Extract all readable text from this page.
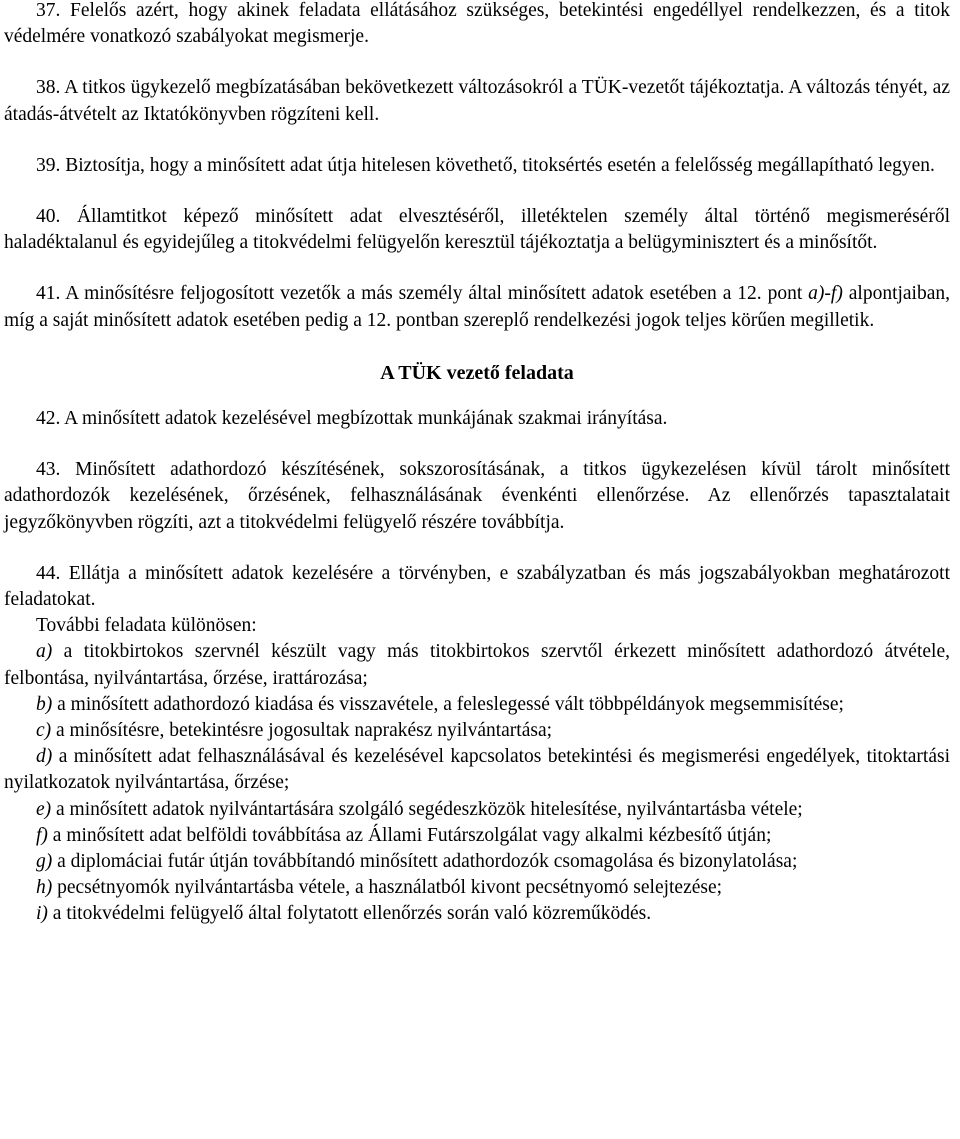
37. Felelős azért, hogy akinek feladata ellátásához szükséges, betekintési engedéllyel rendelkezzen, és a titok védelmére vonatkozó szabályokat megismerje.

38. A titkos ügykezelő megbízatásában bekövetkezett változásokról a TÜK-vezetőt tájékoztatja. A változás tényét, az átadás-átvételt az Iktatókönyvben rögzíteni kell.

39. Biztosítja, hogy a minősített adat útja hitelesen követhető, titoksértés esetén a felelősség megállapítható legyen.

40. Államtitkot képező minősített adat elvesztéséről, illetéktelen személy által történő megismeréséről haladéktalanul és egyidejűleg a titokvédelmi felügyelőn keresztül tájékoztatja a belügyminisztert és a minősítőt.

41. A minősítésre feljogosított vezetők a más személy által minősített adatok esetében a 12. pont a)-f) alpontjaiban, míg a saját minősített adatok esetében pedig a 12. pontban szereplő rendelkezési jogok teljes körűen megilletik.

A TÜK vezető feladata

42. A minősített adatok kezelésével megbízottak munkájának szakmai irányítása.

43. Minősített adathordozó készítésének, sokszorosításának, a titkos ügykezelésen kívül tárolt minősített adathordozók kezelésének, őrzésének, felhasználásának évenkénti ellenőrzése. Az ellenőrzés tapasztalatait jegyzőkönyvben rögzíti, azt a titokvédelmi felügyelő részére továbbítja.

44. Ellátja a minősített adatok kezelésére a törvényben, e szabályzatban és más jogszabályokban meghatározott feladatokat.

További feladata különösen:

a) a titokbirtokos szervnél készült vagy más titokbirtokos szervtől érkezett minősített adathordozó átvétele, felbontása, nyilvántartása, őrzése, irattározása;

b) a minősített adathordozó kiadása és visszavétele, a feleslegessé vált többpéldányok megsemmisítése;

c) a minősítésre, betekintésre jogosultak naprakész nyilvántartása;

d) a minősített adat felhasználásával és kezelésével kapcsolatos betekintési és megismerési engedélyek, titoktartási nyilatkozatok nyilvántartása, őrzése;

e) a minősített adatok nyilvántartására szolgáló segédeszközök hitelesítése, nyilvántartásba vétele;

f) a minősített adat belföldi továbbítása az Állami Futárszolgálat vagy alkalmi kézbesítő útján;

g) a diplomáciai futár útján továbbítandó minősített adathordozók csomagolása és bizonylatolása;

h) pecsétnyomók nyilvántartásba vétele, a használatból kivont pecsétnyomó selejtezése;

i) a titokvédelmi felügyelő által folytatott ellenőrzés során való közreműködés.
